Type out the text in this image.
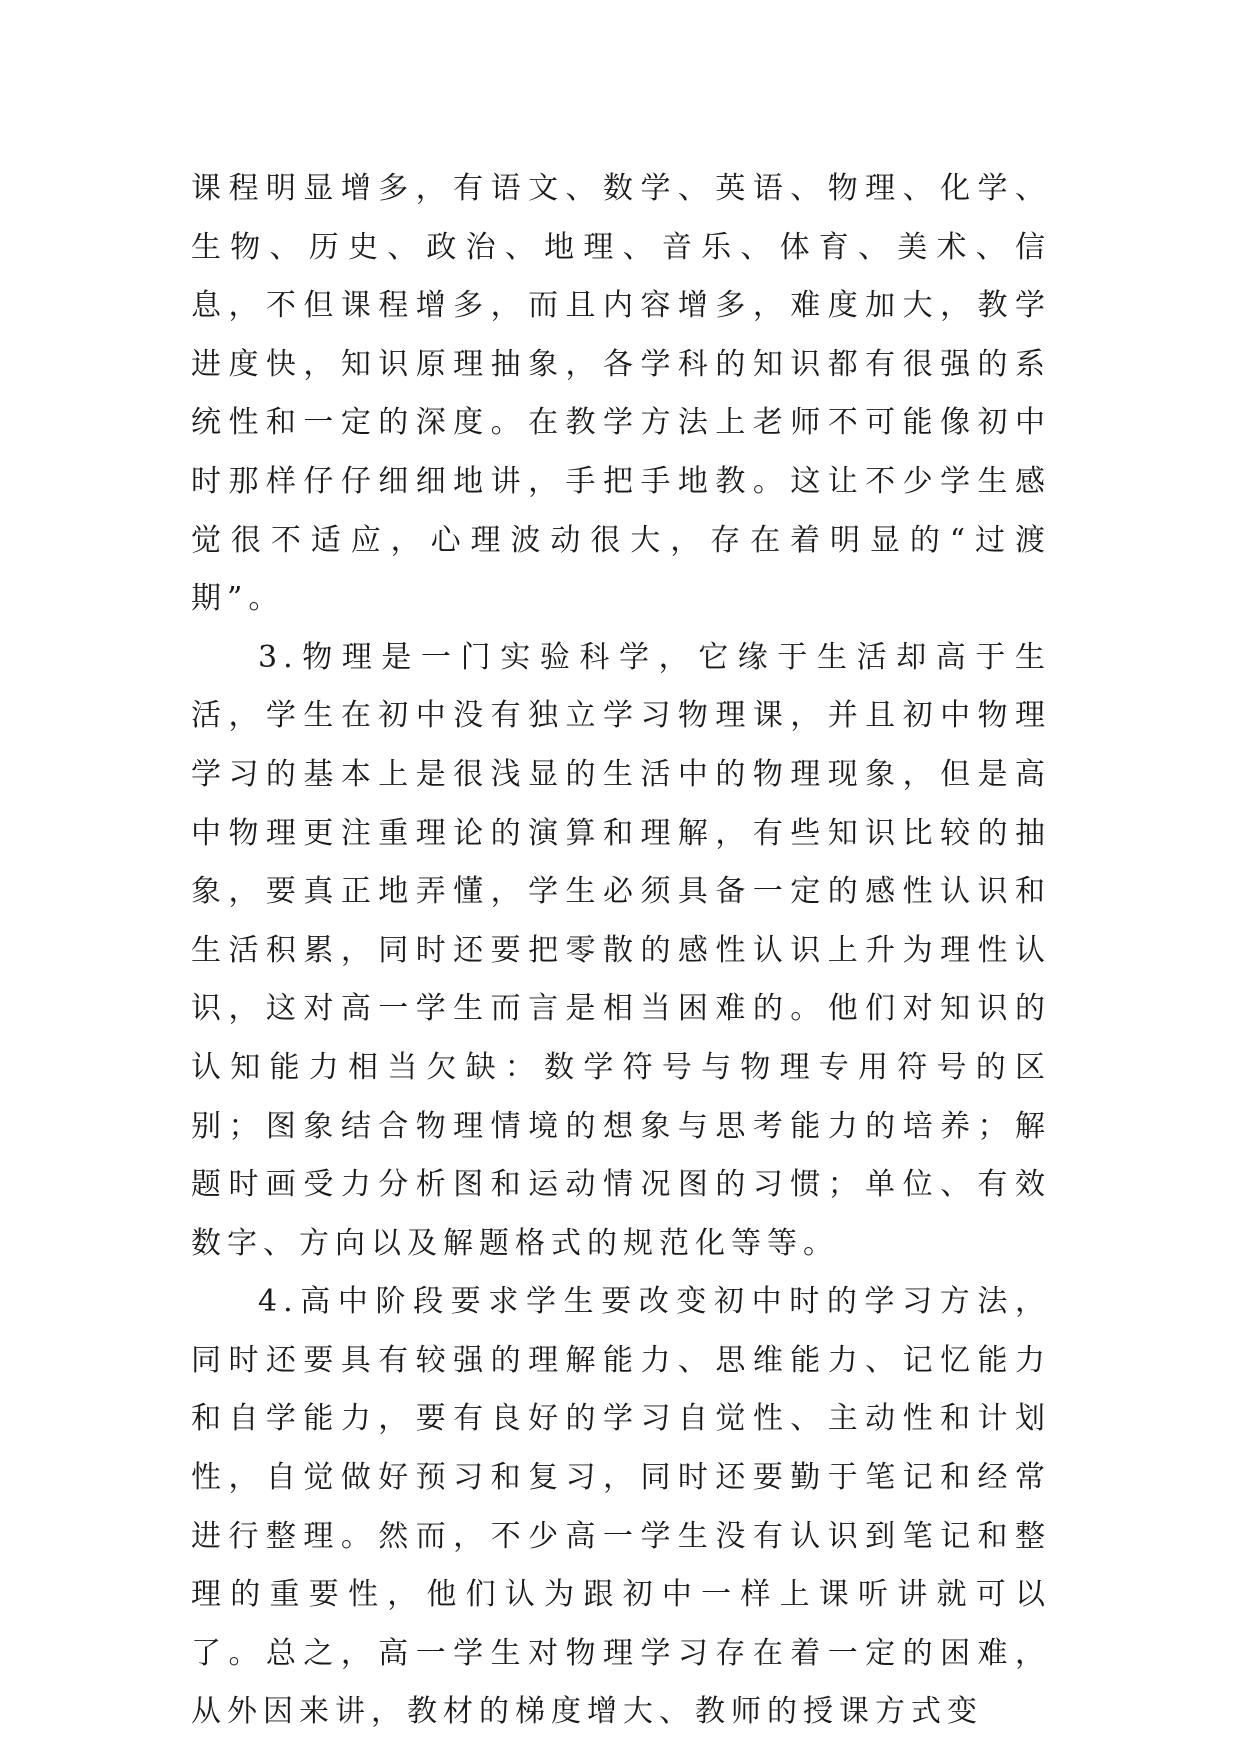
课程明显增多，有语文、数学、英语、物理、化学、生物、历史、政治、地理、音乐、体育、美术、信息，不但课程增多，而且内容增多，难度加大，教学进度快，知识原理抽象，各学科的知识都有很强的系统性和一定的深度。在教学方法上老师不可能像初中时那样仔仔细细地讲，手把手地教。这让不少学生感觉很不适应，心理波动很大，存在着明显的“过渡期”。

3.物理是一门实验科学，它缘于生活却高于生活，学生在初中没有独立学习物理课，并且初中物理学习的基本上是很浅显的生活中的物理现象，但是高中物理更注重理论的演算和理解，有些知识比较的抽象，要真正地弄懂，学生必须具备一定的感性认识和生活积累，同时还要把零散的感性认识上升为理性认识，这对高一学生而言是相当困难的。他们对知识的认知能力相当欠缺：数学符号与物理专用符号的区别；图象结合物理情境的想象与思考能力的培养；解题时画受力分析图和运动情况图的习惯；单位、有效数字、方向以及解题格式的规范化等等。

4.高中阶段要求学生要改变初中时的学习方法，同时还要具有较强的理解能力、思维能力、记忆能力和自学能力，要有良好的学习自觉性、主动性和计划性，自觉做好预习和复习，同时还要勤于笔记和经常进行整理。然而，不少高一学生没有认识到笔记和整理的重要性，他们认为跟初中一样上课听讲就可以了。总之，高一学生对物理学习存在着一定的困难，从外因来讲，教材的梯度增大、教师的授课方式变
